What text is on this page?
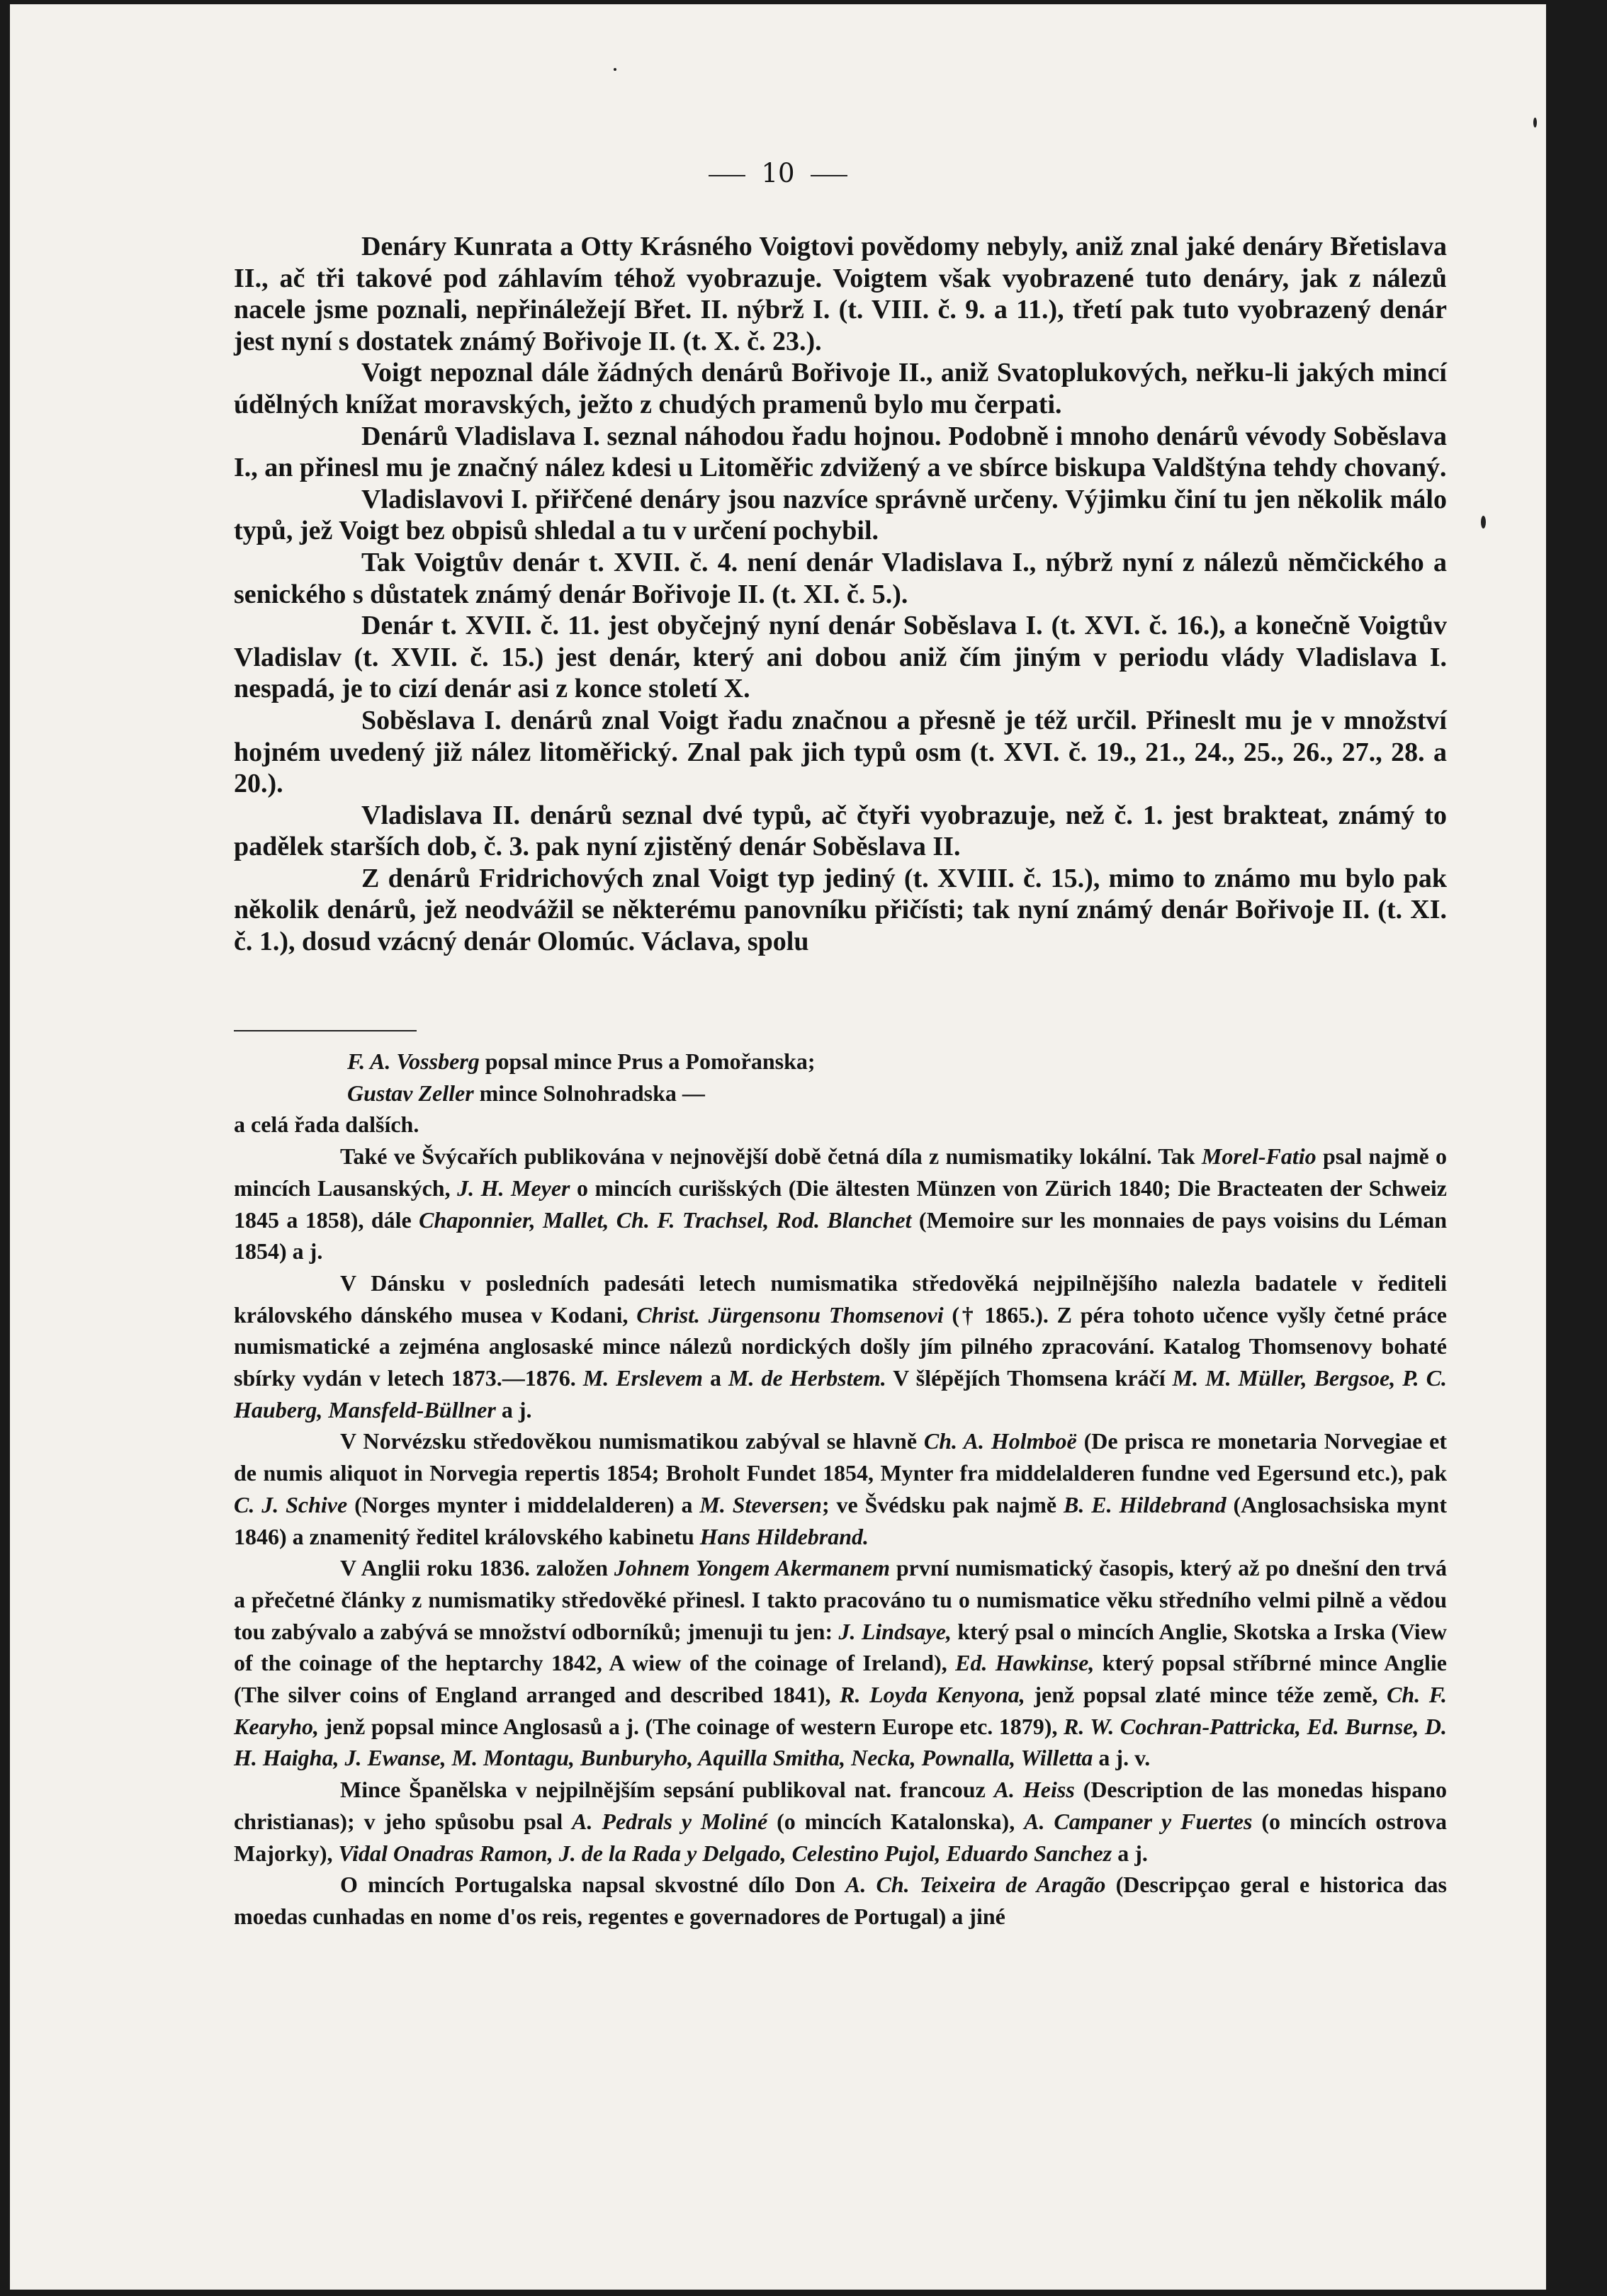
10

Denáry Kunrata a Otty Krásného Voigtovi povědomy nebyly, aniž znal jaké denáry Břetislava II., ač tři takové pod záhlavím téhož vyobrazuje. Voigtem však vyobrazené tuto denáry, jak z nálezů nacele jsme poznali, nepřináležejí Břet. II. nýbrž I. (t. VIII. č. 9. a 11.), třetí pak tuto vyobrazený denár jest nyní s dostatek známý Bořivoje II. (t. X. č. 23.).

Voigt nepoznal dále žádných denárů Bořivoje II., aniž Svatoplukových, neřku-li jakých mincí údělných knížat moravských, ježto z chudých pramenů bylo mu čerpati.

Denárů Vladislava I. seznal náhodou řadu hojnou. Podobně i mnoho denárů vévody Soběslava I., an přinesl mu je značný nález kdesi u Litoměřic zdvižený a ve sbírce biskupa Valdštýna tehdy chovaný.

Vladislavovi I. přiřčené denáry jsou nazvíce správně určeny. Výjimku činí tu jen několik málo typů, jež Voigt bez obpisů shledal a tu v určení pochybil.

Tak Voigtův denár t. XVII. č. 4. není denár Vladislava I., nýbrž nyní z nálezů němčického a senického s důstatek známý denár Bořivoje II. (t. XI. č. 5.).

Denár t. XVII. č. 11. jest obyčejný nyní denár Soběslava I. (t. XVI. č. 16.), a konečně Voigtův Vladislav (t. XVII. č. 15.) jest denár, který ani dobou aniž čím jiným v periodu vlády Vladislava I. nespadá, je to cizí denár asi z konce století X.

Soběslava I. denárů znal Voigt řadu značnou a přesně je též určil. Přineslt mu je v množství hojném uvedený již nález litoměřický. Znal pak jich typů osm (t. XVI. č. 19., 21., 24., 25., 26., 27., 28. a 20.).

Vladislava II. denárů seznal dvé typů, ač čtyři vyobrazuje, než č. 1. jest brakteat, známý to padělek starších dob, č. 3. pak nyní zjistěný denár Soběslava II.

Z denárů Fridrichových znal Voigt typ jediný (t. XVIII. č. 15.), mimo to známo mu bylo pak několik denárů, jež neodvážil se některému panovníku přičísti; tak nyní známý denár Bořivoje II. (t. XI. č. 1.), dosud vzácný denár Olomúc. Václava, spolu

F. A. Vossberg popsal mince Prus a Pomořanska;

Gustav Zeller mince Solnohradska —

a celá řada dalších.

Také ve Švýcařích publikována v nejnovější době četná díla z numismatiky lokální. Tak Morel-Fatio psal najmě o mincích Lausanských, J. H. Meyer o mincích curišských (Die ältesten Münzen von Zürich 1840; Die Bracteaten der Schweiz 1845 a 1858), dále Chaponnier, Mallet, Ch. F. Trachsel, Rod. Blanchet (Memoire sur les monnaies de pays voisins du Léman 1854) a j.

V Dánsku v posledních padesáti letech numismatika středověká nejpilnějšího nalezla badatele v řediteli královského dánského musea v Kodani, Christ. Jürgensonu Thomsenovi († 1865.). Z péra tohoto učence vyšly četné práce numismatické a zejména anglosaské mince nálezů nordických došly jím pilného zpracování. Katalog Thomsenovy bohaté sbírky vydán v letech 1873.—1876. M. Erslevem a M. de Herbstem. V šlépějích Thomsena kráčí M. M. Müller, Bergsoe, P. C. Hauberg, Mansfeld-Büllner a j.

V Norvézsku středověkou numismatikou zabýval se hlavně Ch. A. Holmboë (De prisca re monetaria Norvegiae et de numis aliquot in Norvegia repertis 1854; Broholt Fundet 1854, Mynter fra middelalderen fundne ved Egersund etc.), pak C. J. Schive (Norges mynter i middelalderen) a M. Steversen; ve Švédsku pak najmě B. E. Hildebrand (Anglosachsiska mynt 1846) a znamenitý ředitel královského kabinetu Hans Hildebrand.

V Anglii roku 1836. založen Johnem Yongem Akermanem první numismatický časopis, který až po dnešní den trvá a přečetné články z numismatiky středověké přinesl. I takto pracováno tu o numismatice věku středního velmi pilně a vědou tou zabývalo a zabývá se množství odborníků; jmenuji tu jen: J. Lindsaye, který psal o mincích Anglie, Skotska a Irska (View of the coinage of the heptarchy 1842, A wiew of the coinage of Ireland), Ed. Hawkinse, který popsal stříbrné mince Anglie (The silver coins of England arranged and described 1841), R. Loyda Kenyona, jenž popsal zlaté mince téže země, Ch. F. Kearyho, jenž popsal mince Anglosasů a j. (The coinage of western Europe etc. 1879), R. W. Cochran-Pattricka, Ed. Burnse, D. H. Haigha, J. Ewanse, M. Montagu, Bunburyho, Aquilla Smitha, Necka, Pownalla, Willetta a j. v.

Mince Španělska v nejpilnějším sepsání publikoval nat. francouz A. Heiss (Description de las monedas hispano christianas); v jeho spůsobu psal A. Pedrals y Moliné (o mincích Katalonska), A. Campaner y Fuertes (o mincích ostrova Majorky), Vidal Onadras Ramon, J. de la Rada y Delgado, Celestino Pujol, Eduardo Sanchez a j.

O mincích Portugalska napsal skvostné dílo Don A. Ch. Teixeira de Aragão (Descripçao geral e historica das moedas cunhadas en nome d'os reis, regentes e governadores de Portugal) a jiné
